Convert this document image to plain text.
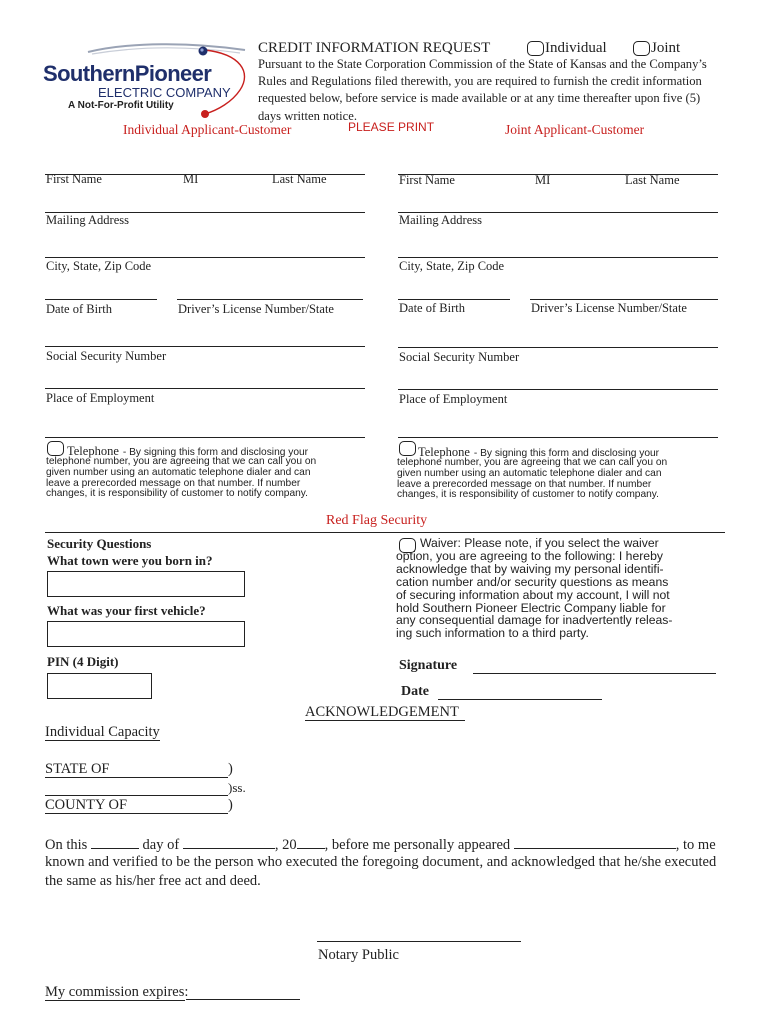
SouthernPioneer
ELECTRIC COMPANY
A Not-For-Profit Utility
CREDIT INFORMATION REQUEST	Individual	Joint
Pursuant to the State Corporation Commission of the State of Kansas and the Company’s
Rules and Regulations filed therewith, you are required to furnish the credit information
requested below, before service is made available or at any time thereafter upon five (5)
days written notice.
Individual Applicant-Customer	PLEASE PRINT	Joint Applicant-Customer
First Name	MI	Last Name
Mailing Address
City, State, Zip Code
Date of Birth	Driver’s License Number/State
Social Security Number
Place of Employment
Telephone - By signing this form and disclosing your
telephone number, you are agreeing that we can call you on
given number using an automatic telephone dialer and can
leave a prerecorded message on that number. If number
changes, it is responsibility of customer to notify company.
First Name	MI	Last Name
Mailing Address
City, State, Zip Code
Date of Birth	Driver’s License Number/State
Social Security Number
Place of Employment
Telephone - By signing this form and disclosing your
telephone number, you are agreeing that we can call you on
given number using an automatic telephone dialer and can
leave a prerecorded message on that number. If number
changes, it is responsibility of customer to notify company.
Red Flag Security
Security Questions
What town were you born in?
What was your first vehicle?
PIN (4 Digit)
Waiver: Please note, if you select the waiver
option, you are agreeing to the following: I hereby
acknowledge that by waiving my personal identifi-
cation number and/or security questions as means
of securing information about my account, I will not
hold Southern Pioneer Electric Company liable for
any consequential damage for inadvertently releas-
ing such information to a third party.
Signature
Date
ACKNOWLEDGEMENT
Individual Capacity
STATE OF	)
)ss.
COUNTY OF	)
On this	day of	, 20 , before me personally appeared	, to me
known and verified to be the person who executed the foregoing document, and acknowledged that he/she executed
the same as his/her free act and deed.
Notary Public
My commission expires:
